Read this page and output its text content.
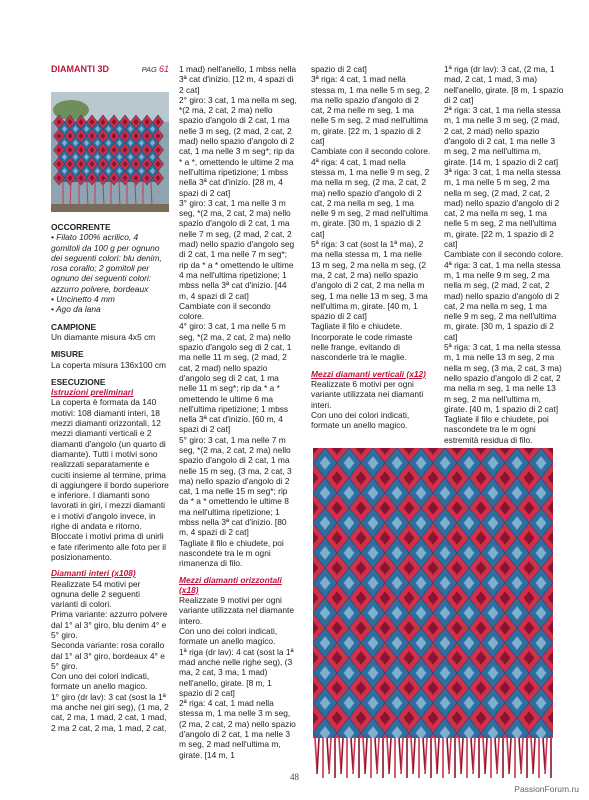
DIAMANTI 3D	PAG 61

OCCORRENTE

• Filato 100% acrilico, 4 gomitoli da 100 g per ognuno dei seguenti colori: blu denim, rosa corallo; 2 gomitoli per ognuno dei seguenti colori: azzurro polvere, bordeaux

• Uncinetto 4 mm

• Ago da lana

CAMPIONE

Un diamante misura 4x5 cm

MISURE

La coperta misura 136x100 cm

ESECUZIONE

Istruzioni preliminari

La coperta è formata da 140 motivi: 108 diamanti interi, 18 mezzi diamanti orizzontali, 12 mezzi diamanti verticali e 2 diamanti d'angolo (un quarto di diamante). Tutti i motivi sono realizzati separatamente e cuciti insieme al termine, prima di aggiungere il bordo superiore e inferiore. I diamanti sono lavorati in giri, i mezzi diamanti e i motivi d'angolo invece, in righe di andata e ritorno.

Bloccate i motivi prima di unirli e fate riferimento alle foto per il posizionamento.

Diamanti interi (x108)

Realizzate 54 motivi per ognuna delle 2 seguenti varianti di colori.

Prima variante: azzurro polvere dal 1° al 3° giro, blu denim 4° e 5° giro.

Seconda variante: rosa corallo dal 1° al 3° giro, bordeaux 4° e 5° giro.

Con uno dei colori indicati, formate un anello magico.

1° giro (dr lav): 3 cat (sost la 1ª ma anche nei giri seg), (1 ma, 2 cat, 2 ma, 1 mad, 2 cat, 1 mad, 2 ma 2 cat, 2 ma, 1 mad, 2 cat,

1 mad) nell'anello, 1 mbss nella 3ª cat d'inizio. [12 m, 4 spazi di 2 cat]

2° giro: 3 cat, 1 ma nella m seg, *(2 ma, 2 cat, 2 ma) nello spazio d'angolo di 2 cat, 1 ma nelle 3 m seg, (2 mad, 2 cat, 2 mad) nello spazio d'angolo di 2 cat, 1 ma nelle 3 m seg*; rip da * a *, omettendo le ultime 2 ma nell'ultima ripetizione; 1 mbss nella 3ª cat d'inizio. [28 m, 4 spazi di 2 cat]

3° giro: 3 cat, 1 ma nelle 3 m seg, *(2 ma, 2 cat, 2 ma) nello spazio d'angolo di 2 cat, 1 ma nelle 7 m seg, (2 mad, 2 cat, 2 mad) nello spazio d'angolo seg di 2 cat, 1 ma nelle 7 m seg*; rip da * a * omettendo le ultime 4 ma nell'ultima ripetizione; 1 mbss nella 3ª cat d'inizio. [44 m, 4 spazi di 2 cat]

Cambiate con il secondo colore.

4° giro: 3 cat, 1 ma nelle 5 m seg, *(2 ma, 2 cat, 2 ma) nello spazio d'angolo seg di 2 cat, 1 ma nelle 11 m seg, (2 mad, 2 cat, 2 mad) nello spazio d'angolo seg di 2 cat, 1 ma nelle 11 m seg*; rip da * a * omettendo le ultime 6 ma nell'ultima ripetizione; 1 mbss nella 3ª cat d'inizio. [60 m, 4 spazi di 2 cat]

5° giro: 3 cat, 1 ma nelle 7 m seg, *(2 ma, 2 cat, 2 ma) nello spazio d'angolo di 2 cat, 1 ma nelle 15 m seg, (3 ma, 2 cat, 3 ma) nello spazio d'angolo di 2 cat, 1 ma nelle 15 m seg*; rip da * a * omettendo le ultime 8 ma nell'ultima ripetizione; 1 mbss nella 3ª cat d'inizio. [80 m, 4 spazi di 2 cat]

Tagliate il filo e chiudete, poi nascondete tra le m ogni rimanenza di filo.

Mezzi diamanti orizzontali (x18)

Realizzate 9 motivi per ogni variante utilizzata nel diamante intero.

Con uno dei colori indicati, formate un anello magico.

1ª riga (dr lav): 4 cat (sost la 1ª mad anche nelle righe seg), (3 ma, 2 cat, 3 ma, 1 mad) nell'anello, girate. [8 m, 1 spazio di 2 cat]

2ª riga: 4 cat, 1 mad nella stessa m, 1 ma nelle 3 m seg, (2 ma, 2 cat, 2 ma) nello spazio d'angolo di 2 cat, 1 ma nelle 3 m seg, 2 mad nell'ultima m, girate. [14 m, 1

spazio di 2 cat]

3ª riga: 4 cat, 1 mad nella stessa m, 1 ma nelle 5 m seg, 2 ma nello spazio d'angolo di 2 cat, 2 ma nelle m seg, 1 ma nelle 5 m seg, 2 mad nell'ultima m, girate. [22 m, 1 spazio di 2 cat]

Cambiate con il secondo colore.

4ª riga: 4 cat, 1 mad nella stessa m, 1 ma nelle 9 m seg, 2 ma nella m seg, (2 ma, 2 cat, 2 ma) nello spazio d'angolo di 2 cat, 2 ma nella m seg, 1 ma nelle 9 m seg, 2 mad nell'ultima m, girate. [30 m, 1 spazio di 2 cat]

5ª riga: 3 cat (sost la 1ª ma), 2 ma nella stessa m, 1 ma nelle 13 m seg, 2 ma nella m seg, (2 ma, 2 cat, 2 ma) nello spazio d'angolo di 2 cat, 2 ma nella m seg, 1 ma nelle 13 m seg, 3 ma nell'ultima m, girate. [40 m, 1 spazio di 2 cat]

Tagliate il filo e chiudete.

Incorporate le code rimaste nelle frange, evitando di nasconderle tra le maglie.

Mezzi diamanti verticali (x12)

Realizzate 6 motivi per ogni variante utilizzata nei diamanti interi.

Con uno dei colori indicati, formate un anello magico.

1ª riga (dr lav): 3 cat, (2 ma, 1 mad, 2 cat, 1 mad, 3 ma) nell'anello, girate. [8 m, 1 spazio di 2 cat]

2ª riga: 3 cat, 1 ma nella stessa m, 1 ma nelle 3 m seg, (2 mad, 2 cat, 2 mad) nello spazio d'angolo di 2 cat, 1 ma nelle 3 m seg, 2 ma nell'ultima m, girate. [14 m, 1 spazio di 2 cat]

3ª riga: 3 cat, 1 ma nella stessa m, 1 ma nelle 5 m seg, 2 ma nella m seg, (2 mad, 2 cat, 2 mad) nello spazio d'angolo di 2 cat, 2 ma nella m seg, 1 ma nelle 5 m seg, 2 ma nell'ultima m, girate. [22 m, 1 spazio di 2 cat]

Cambiate con il secondo colore.

4ª riga: 3 cat, 1 ma nella stessa m, 1 ma nelle 9 m seg, 2 ma nella m seg, (2 mad, 2 cat, 2 mad) nello spazio d'angolo di 2 cat, 2 ma nella m seg, 1 ma nelle 9 m seg, 2 ma nell'ultima m, girate. [30 m, 1 spazio di 2 cat]

5ª riga: 3 cat, 1 ma nella stessa m, 1 ma nelle 13 m seg, 2 ma nella m seg, (3 ma, 2 cat, 3 ma) nello spazio d'angolo di 2 cat, 2 ma nella m seg, 1 ma nelle 13 m seg, 2 ma nell'ultima m, girate. [40 m, 1 spazio di 2 cat]

Tagliate il filo e chiudete, poi nascondete tra le m ogni estremità residua di filo.

48
PassionForum.ru
